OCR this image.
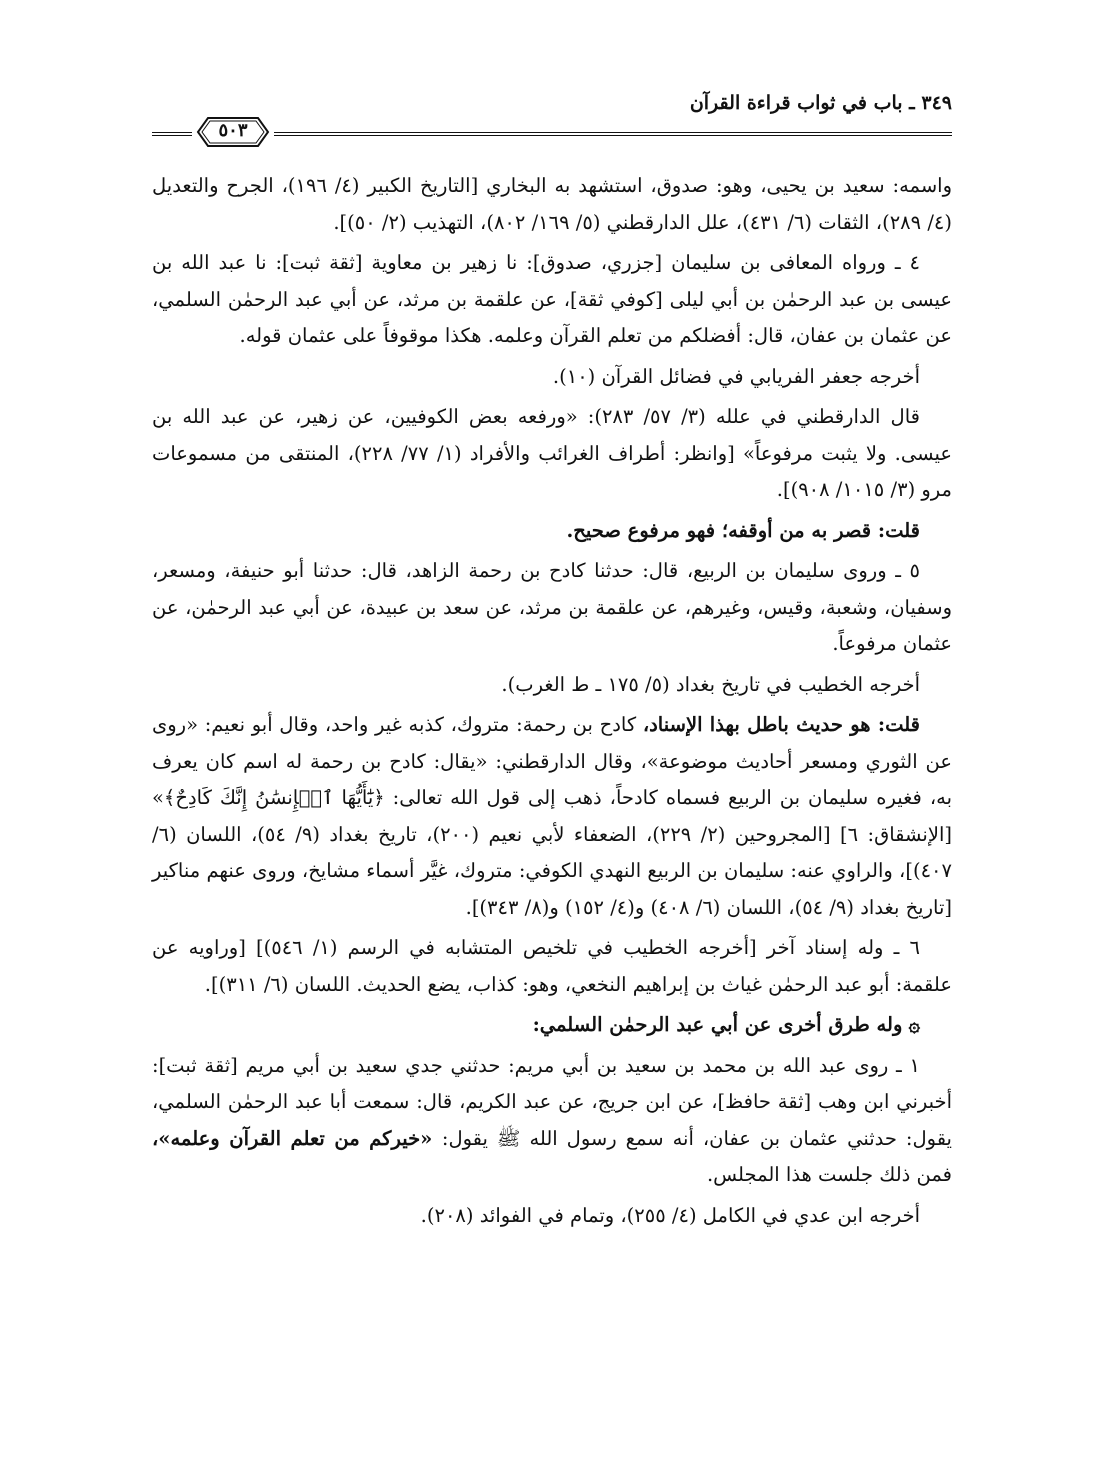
٣٤٩ ـ باب في ثواب قراءة القرآن
٥٠٣

واسمه: سعيد بن يحيى، وهو: صدوق، استشهد به البخاري [التاريخ الكبير (٤/ ١٩٦)، الجرح والتعديل (٤/ ٢٨٩)، الثقات (٦/ ٤٣١)، علل الدارقطني (٥/ ١٦٩/ ٨٠٢)، التهذيب (٢/ ٥٠)].

٤ ـ ورواه المعافى بن سليمان [جزري، صدوق]: نا زهير بن معاوية [ثقة ثبت]: نا عبد الله بن عيسى بن عبد الرحمٰن بن أبي ليلى [كوفي ثقة]، عن علقمة بن مرثد، عن أبي عبد الرحمٰن السلمي، عن عثمان بن عفان، قال: أفضلكم من تعلم القرآن وعلمه. هكذا موقوفاً على عثمان قوله.

أخرجه جعفر الفريابي في فضائل القرآن (١٠).

قال الدارقطني في علله (٣/ ٥٧/ ٢٨٣): «ورفعه بعض الكوفيين، عن زهير، عن عبد الله بن عيسى. ولا يثبت مرفوعاً» [وانظر: أطراف الغرائب والأفراد (١/ ٧٧/ ٢٢٨)، المنتقى من مسموعات مرو (٣/ ١٠١٥/ ٩٠٨)].

قلت: قصر به من أوقفه؛ فهو مرفوع صحيح.

٥ ـ وروى سليمان بن الربيع، قال: حدثنا كادح بن رحمة الزاهد، قال: حدثنا أبو حنيفة، ومسعر، وسفيان، وشعبة، وقيس، وغيرهم، عن علقمة بن مرثد، عن سعد بن عبيدة، عن أبي عبد الرحمٰن، عن عثمان مرفوعاً.

أخرجه الخطيب في تاريخ بغداد (٥/ ١٧٥ ـ ط الغرب).

قلت: هو حديث باطل بهذا الإسناد، كادح بن رحمة: متروك، كذبه غير واحد، وقال أبو نعيم: «روى عن الثوري ومسعر أحاديث موضوعة»، وقال الدارقطني: «يقال: كادح بن رحمة له اسم كان يعرف به، فغيره سليمان بن الربيع فسماه كادحاً، ذهب إلى قول الله تعالى: ﴿يَٰٓأَيُّهَا ٱلۡإِنسَٰنُ إِنَّكَ كَادِحٌ﴾» [الإنشقاق: ٦] [المجروحين (٢/ ٢٢٩)، الضعفاء لأبي نعيم (٢٠٠)، تاريخ بغداد (٩/ ٥٤)، اللسان (٦/ ٤٠٧)]، والراوي عنه: سليمان بن الربيع النهدي الكوفي: متروك، غيَّر أسماء مشايخ، وروى عنهم مناكير [تاريخ بغداد (٩/ ٥٤)، اللسان (٦/ ٤٠٨) و(٤/ ١٥٢) و(٨/ ٣٤٣)].

٦ ـ وله إسناد آخر [أخرجه الخطيب في تلخيص المتشابه في الرسم (١/ ٥٤٦)] [وراويه عن علقمة: أبو عبد الرحمٰن غياث بن إبراهيم النخعي، وهو: كذاب، يضع الحديث. اللسان (٦/ ٣١١)].

۞ وله طرق أخرى عن أبي عبد الرحمٰن السلمي:

١ ـ روى عبد الله بن محمد بن سعيد بن أبي مريم: حدثني جدي سعيد بن أبي مريم [ثقة ثبت]: أخبرني ابن وهب [ثقة حافظ]، عن ابن جريج، عن عبد الكريم، قال: سمعت أبا عبد الرحمٰن السلمي، يقول: حدثني عثمان بن عفان، أنه سمع رسول الله ﷺ يقول: «خيركم من تعلم القرآن وعلمه»، فمن ذلك جلست هذا المجلس.

أخرجه ابن عدي في الكامل (٤/ ٢٥٥)، وتمام في الفوائد (٢٠٨).
